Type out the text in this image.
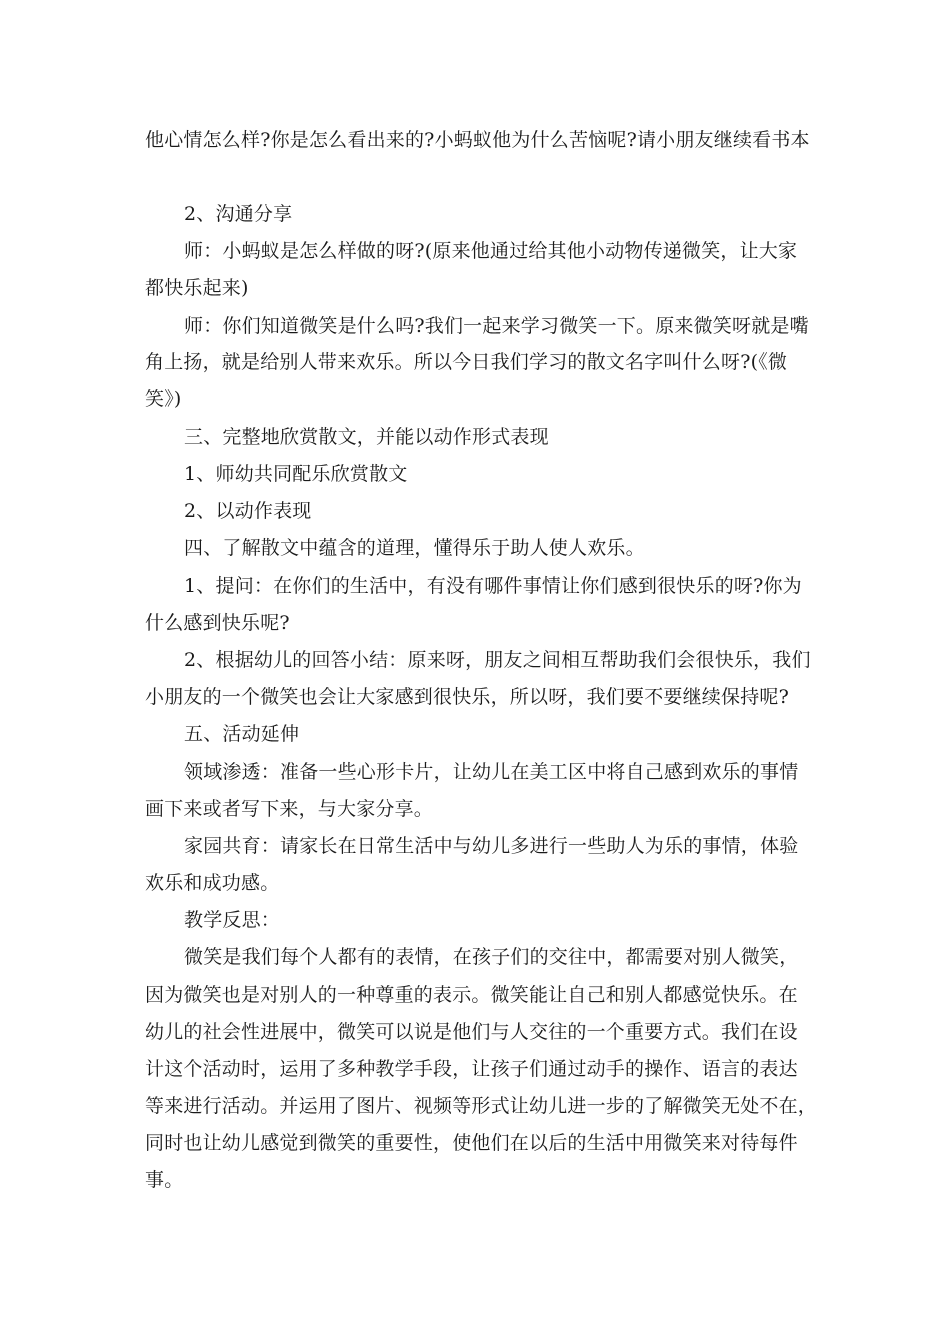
他心情怎么样?你是怎么看出来的?小蚂蚁他为什么苦恼呢?请小朋友继续看书本
2、沟通分享
师：小蚂蚁是怎么样做的呀?(原来他通过给其他小动物传递微笑，让大家
都快乐起来)
师：你们知道微笑是什么吗?我们一起来学习微笑一下。原来微笑呀就是嘴
角上扬，就是给别人带来欢乐。所以今日我们学习的散文名字叫什么呀?(《微
笑》)
三、完整地欣赏散文，并能以动作形式表现
1、师幼共同配乐欣赏散文
2、以动作表现
四、了解散文中蕴含的道理，懂得乐于助人使人欢乐。
1、提问：在你们的生活中，有没有哪件事情让你们感到很快乐的呀?你为
什么感到快乐呢?
2、根据幼儿的回答小结：原来呀，朋友之间相互帮助我们会很快乐，我们
小朋友的一个微笑也会让大家感到很快乐，所以呀，我们要不要继续保持呢?
五、活动延伸
领域渗透：准备一些心形卡片，让幼儿在美工区中将自己感到欢乐的事情
画下来或者写下来，与大家分享。
家园共育：请家长在日常生活中与幼儿多进行一些助人为乐的事情，体验
欢乐和成功感。
教学反思：
微笑是我们每个人都有的表情，在孩子们的交往中，都需要对别人微笑，
因为微笑也是对别人的一种尊重的表示。微笑能让自己和别人都感觉快乐。在
幼儿的社会性进展中，微笑可以说是他们与人交往的一个重要方式。我们在设
计这个活动时，运用了多种教学手段，让孩子们通过动手的操作、语言的表达
等来进行活动。并运用了图片、视频等形式让幼儿进一步的了解微笑无处不在，
同时也让幼儿感觉到微笑的重要性，使他们在以后的生活中用微笑来对待每件
事。
